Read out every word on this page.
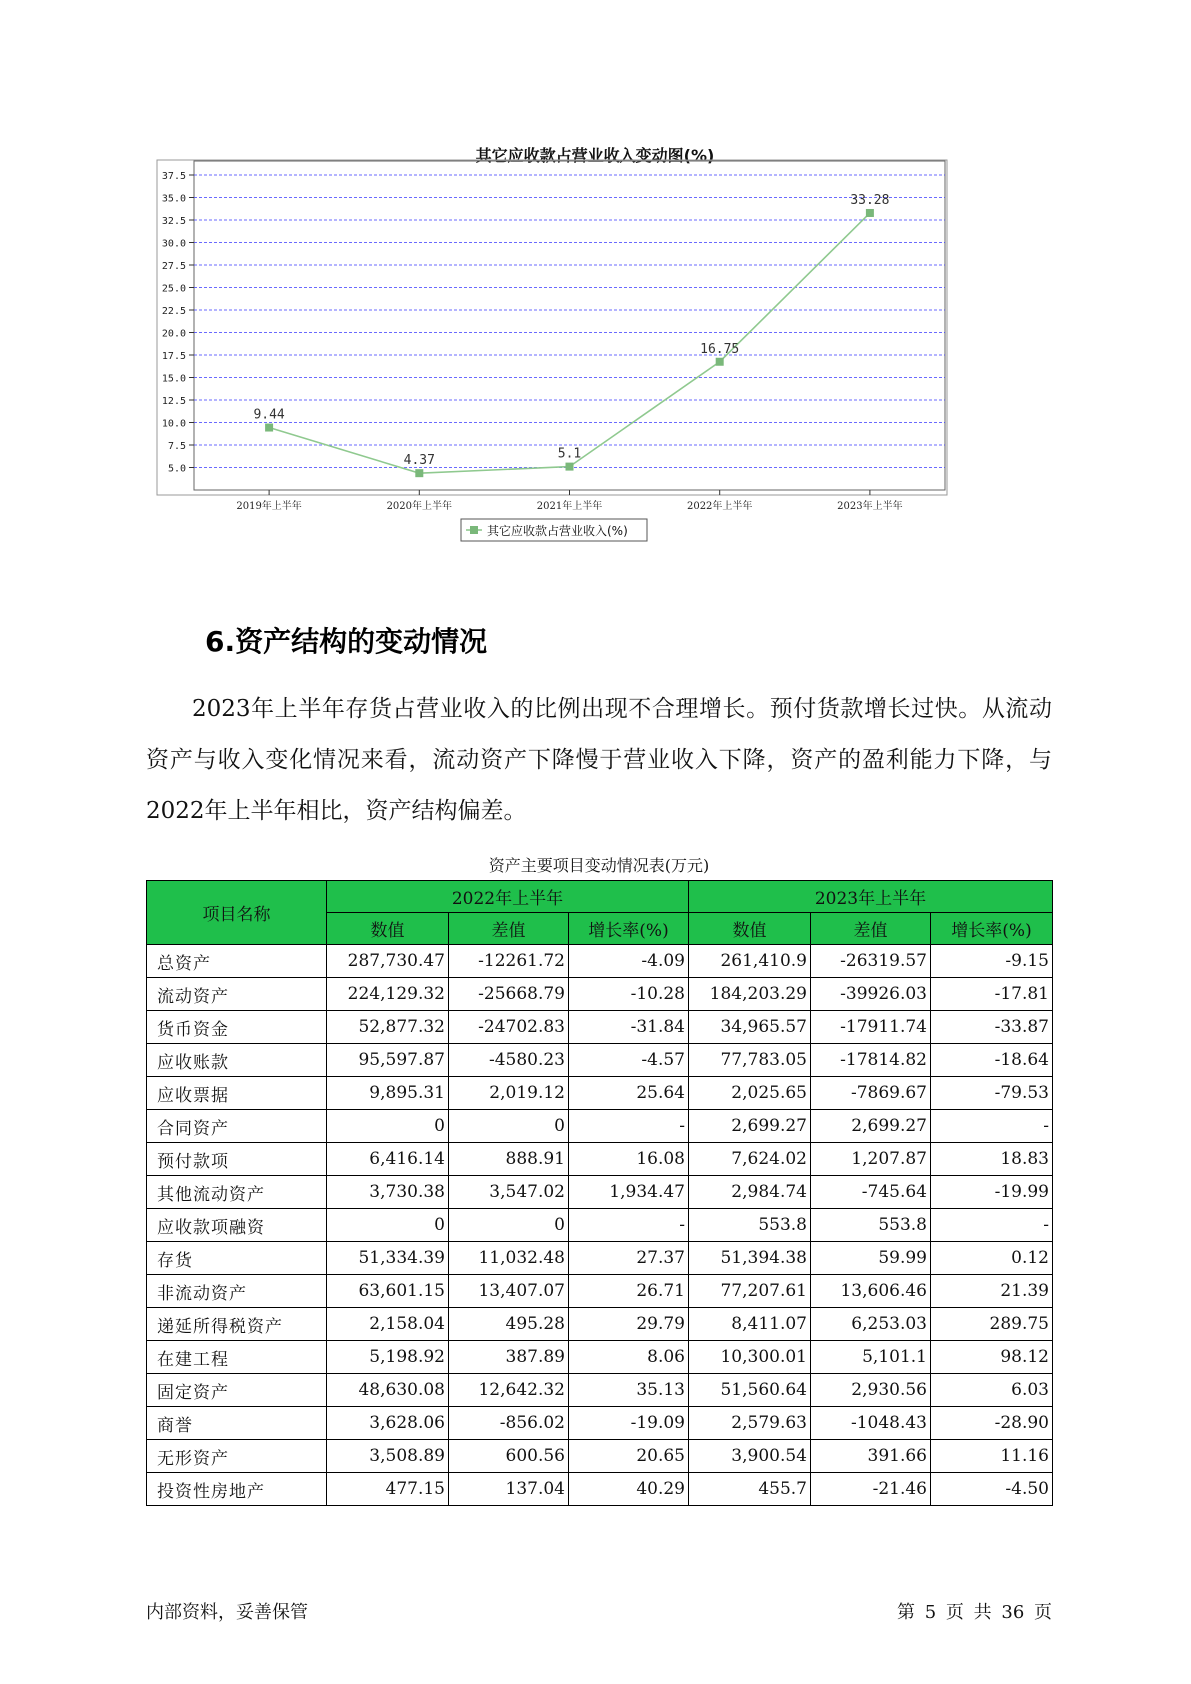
其它应收款占营业收入变动图(%)
37.5
35.0
32.5
30.0
27.5
25.0
22.5
20.0
17.5
15.0
12.5
10.0
7.5
5.0
2019年上半年	2020年上半年	2021年上半年	2022年上半年	2023年上半年
9.44
4.37	5.1
16.75
33.28
其它应收款占营业收入(%)
6.资产结构的变动情况
2023年上半年存货占营业收入的比例出现不合理增长。预付货款增长过快。从流动资产与收入变化情况来看，流动资产下降慢于营业收入下降，资产的盈利能力下降，与2022年上半年相比，资产结构偏差。
资产主要项目变动情况表(万元)
项目名称	2022年上半年			2023年上半年		
	数值	差值	增长率(%)	数值	差值	增长率(%)
总资产	287,730.47	-12261.72	-4.09	261,410.9	-26319.57	-9.15
流动资产	224,129.32	-25668.79	-10.28	184,203.29	-39926.03	-17.81
货币资金	52,877.32	-24702.83	-31.84	34,965.57	-17911.74	-33.87
应收账款	95,597.87	-4580.23	-4.57	77,783.05	-17814.82	-18.64
应收票据	9,895.31	2,019.12	25.64	2,025.65	-7869.67	-79.53
合同资产	0	0	-	2,699.27	2,699.27	-
预付款项	6,416.14	888.91	16.08	7,624.02	1,207.87	18.83
其他流动资产	3,730.38	3,547.02	1,934.47	2,984.74	-745.64	-19.99
应收款项融资	0	0	-	553.8	553.8	-
存货	51,334.39	11,032.48	27.37	51,394.38	59.99	0.12
非流动资产	63,601.15	13,407.07	26.71	77,207.61	13,606.46	21.39
递延所得税资产	2,158.04	495.28	29.79	8,411.07	6,253.03	289.75
在建工程	5,198.92	387.89	8.06	10,300.01	5,101.1	98.12
固定资产	48,630.08	12,642.32	35.13	51,560.64	2,930.56	6.03
商誉	3,628.06	-856.02	-19.09	2,579.63	-1048.43	-28.90
无形资产	3,508.89	600.56	20.65	3,900.54	391.66	11.16
投资性房地产	477.15	137.04	40.29	455.7	-21.46	-4.50
内部资料，妥善保管	第 5 页 共 36 页
